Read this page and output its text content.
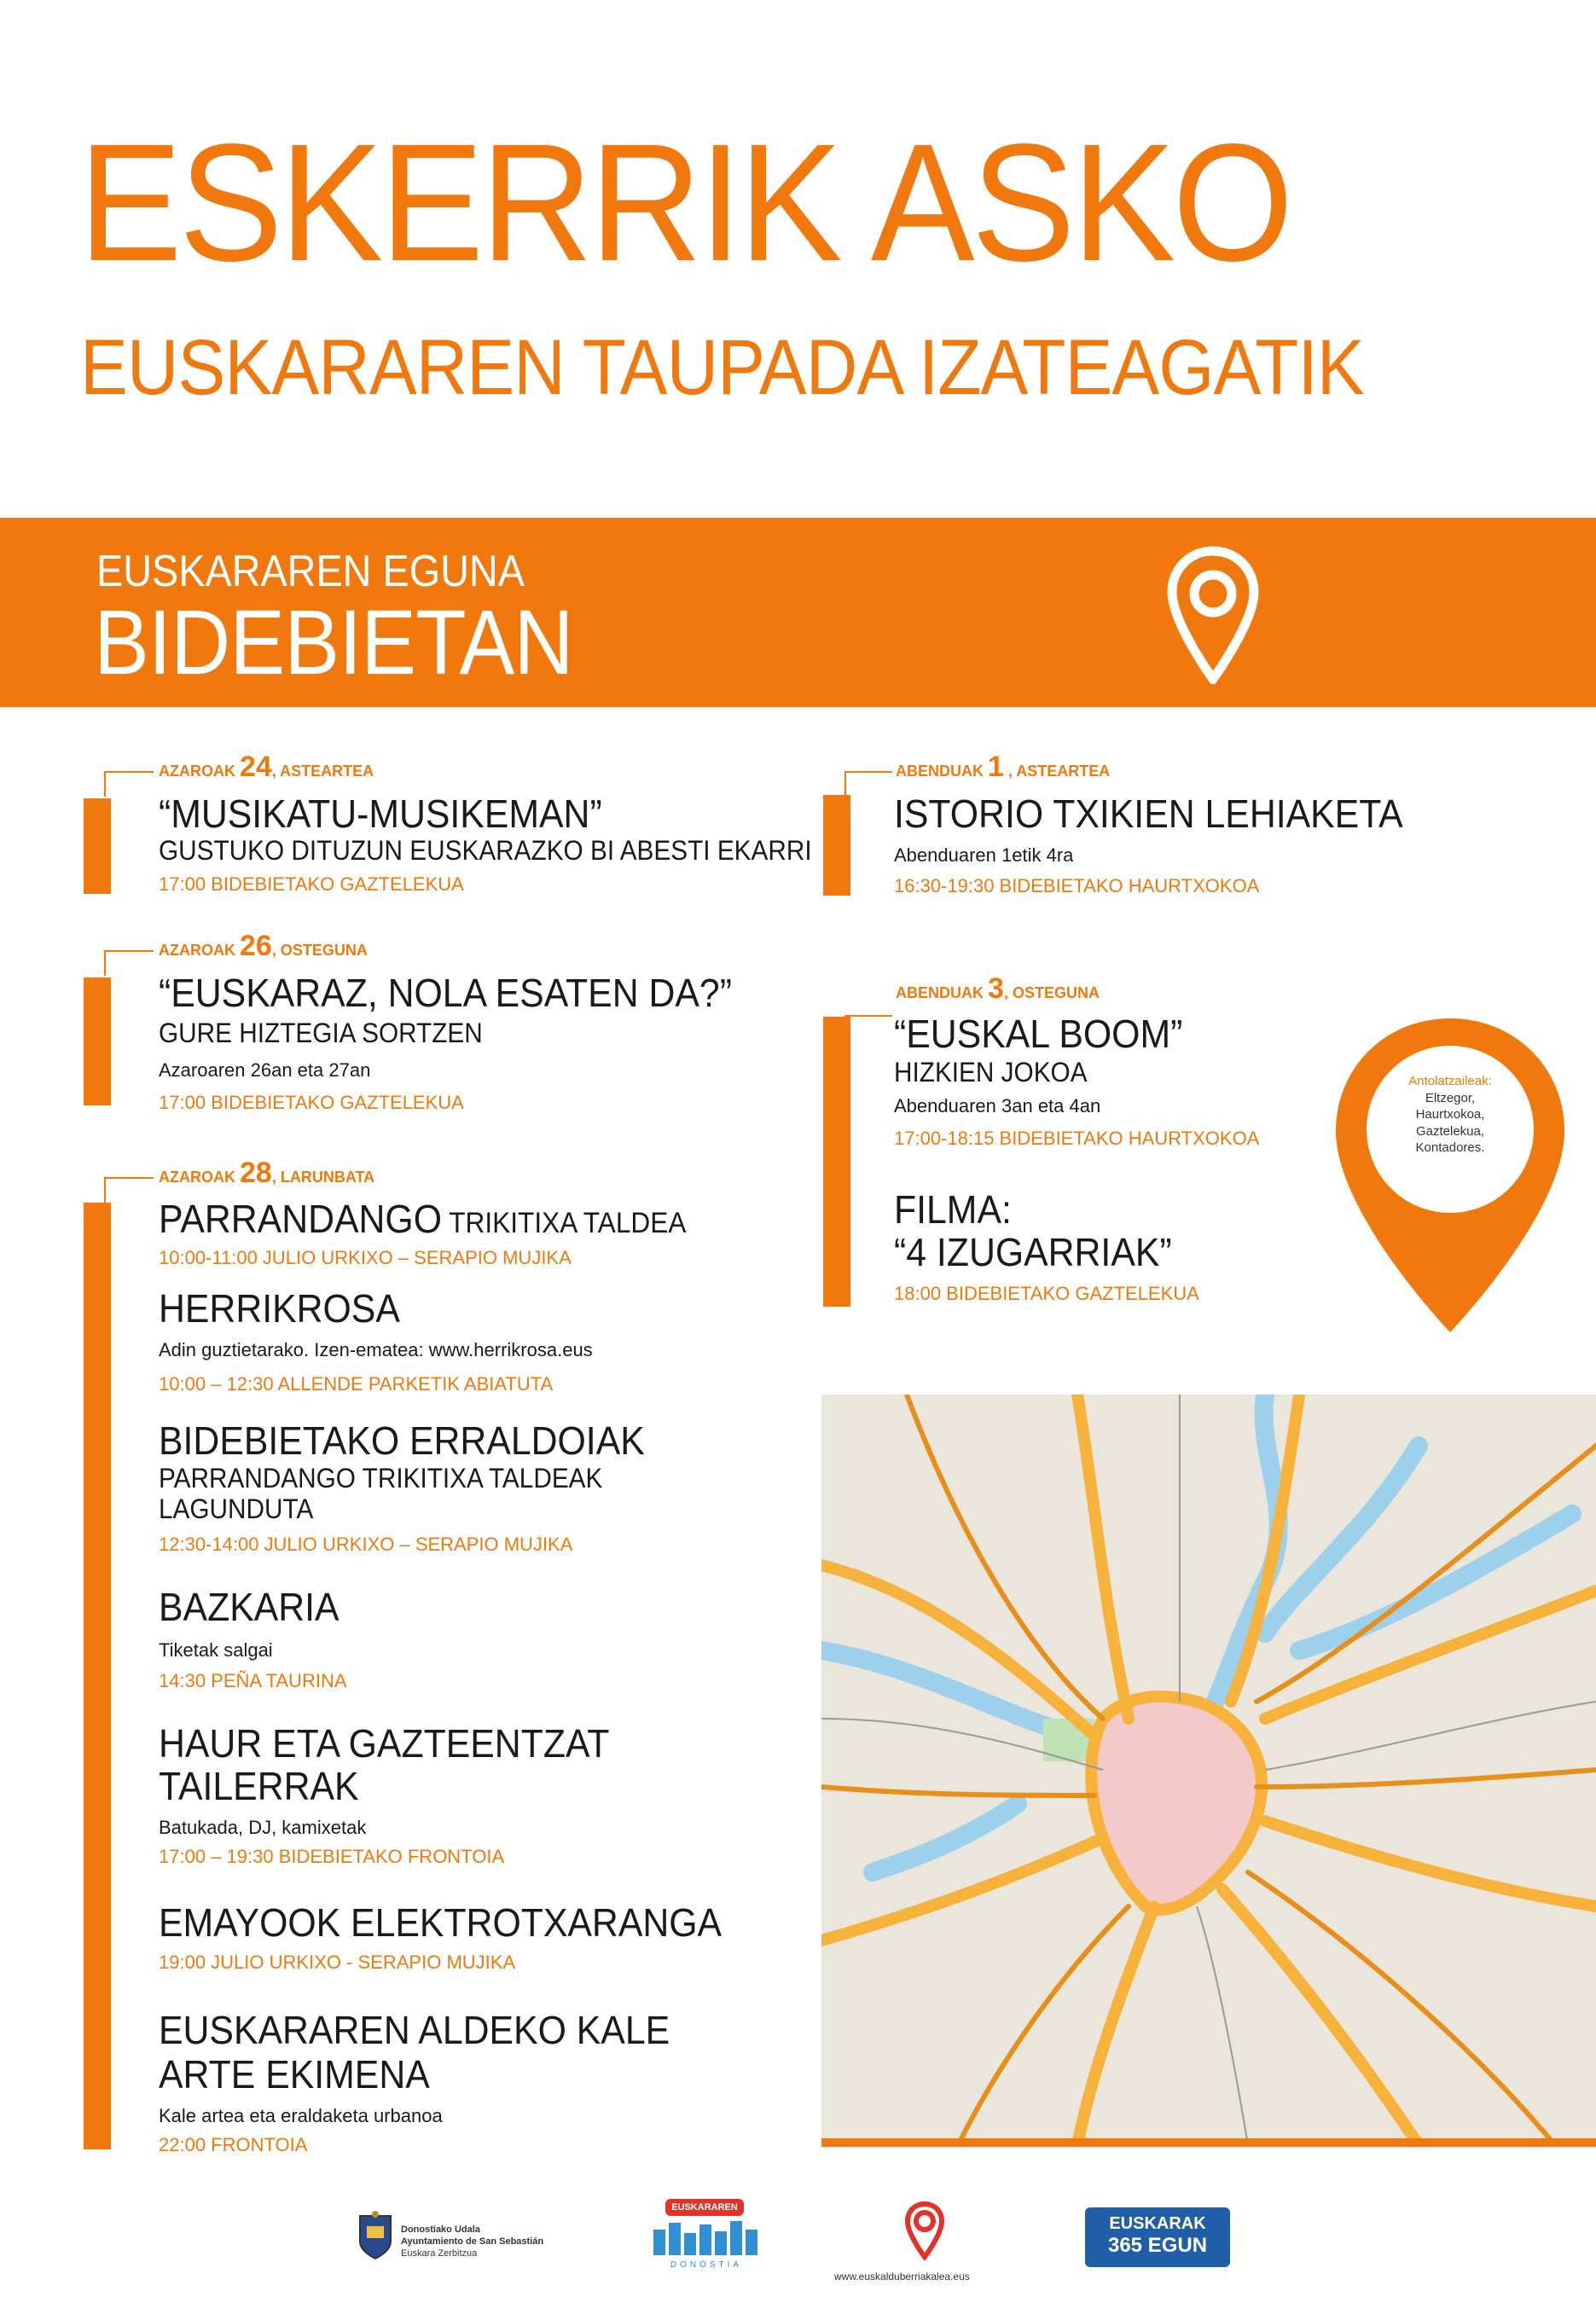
ESKERRIK ASKO
EUSKARAREN TAUPADA IZATEAGATIK
EUSKARAREN EGUNA
BIDEBIETAN
AZAROAK 24, ASTEARTEA
“MUSIKATU-MUSIKEMAN”
GUSTUKO DITUZUN EUSKARAZKO BI ABESTI EKARRI
17:00 BIDEBIETAKO GAZTELEKUA
AZAROAK 26, OSTEGUNA
“EUSKARAZ, NOLA ESATEN DA?”
GURE HIZTEGIA SORTZEN
Azaroaren 26an eta 27an
17:00 BIDEBIETAKO GAZTELEKUA
AZAROAK 28, LARUNBATA
PARRANDANGO TRIKITIXA TALDEA
10:00-11:00 JULIO URKIXO – SERAPIO MUJIKA
HERRIKROSA
Adin guztietarako. Izen-ematea: www.herrikrosa.eus
10:00 – 12:30 ALLENDE PARKETIK ABIATUTA
BIDEBIETAKO ERRALDOIAK
PARRANDANGO TRIKITIXA TALDEAK
LAGUNDUTA
12:30-14:00 JULIO URKIXO – SERAPIO MUJIKA
BAZKARIA
Tiketak salgai
14:30 PEÑA TAURINA
HAUR ETA GAZTEENTZAT
TAILERRAK
Batukada, DJ, kamixetak
17:00 – 19:30 BIDEBIETAKO FRONTOIA
EMAYOOK ELEKTROTXARANGA
19:00 JULIO URKIXO - SERAPIO MUJIKA
EUSKARAREN ALDEKO KALE
ARTE EKIMENA
Kale artea eta eraldaketa urbanoa
22:00 FRONTOIA
ABENDUAK 1 , ASTEARTEA
ISTORIO TXIKIEN LEHIAKETA
Abenduaren 1etik 4ra
16:30-19:30 BIDEBIETAKO HAURTXOKOA
ABENDUAK 3, OSTEGUNA
“EUSKAL BOOM”
HIZKIEN JOKOA
Abenduaren 3an eta 4an
17:00-18:15 BIDEBIETAKO HAURTXOKOA
FILMA:
“4 IZUGARRIAK”
18:00 BIDEBIETAKO GAZTELEKUA
Antolatzaileak:
Eltzegor,
Haurtxokoa,
Gaztelekua,
Kontadores.
Donostiako Udala
Ayuntamiento de San Sebastián
Euskara Zerbitzua
EUSKARAREN
DONOSTIA
www.euskalduberriakalea.eus
EUSKARAK
365 EGUN
